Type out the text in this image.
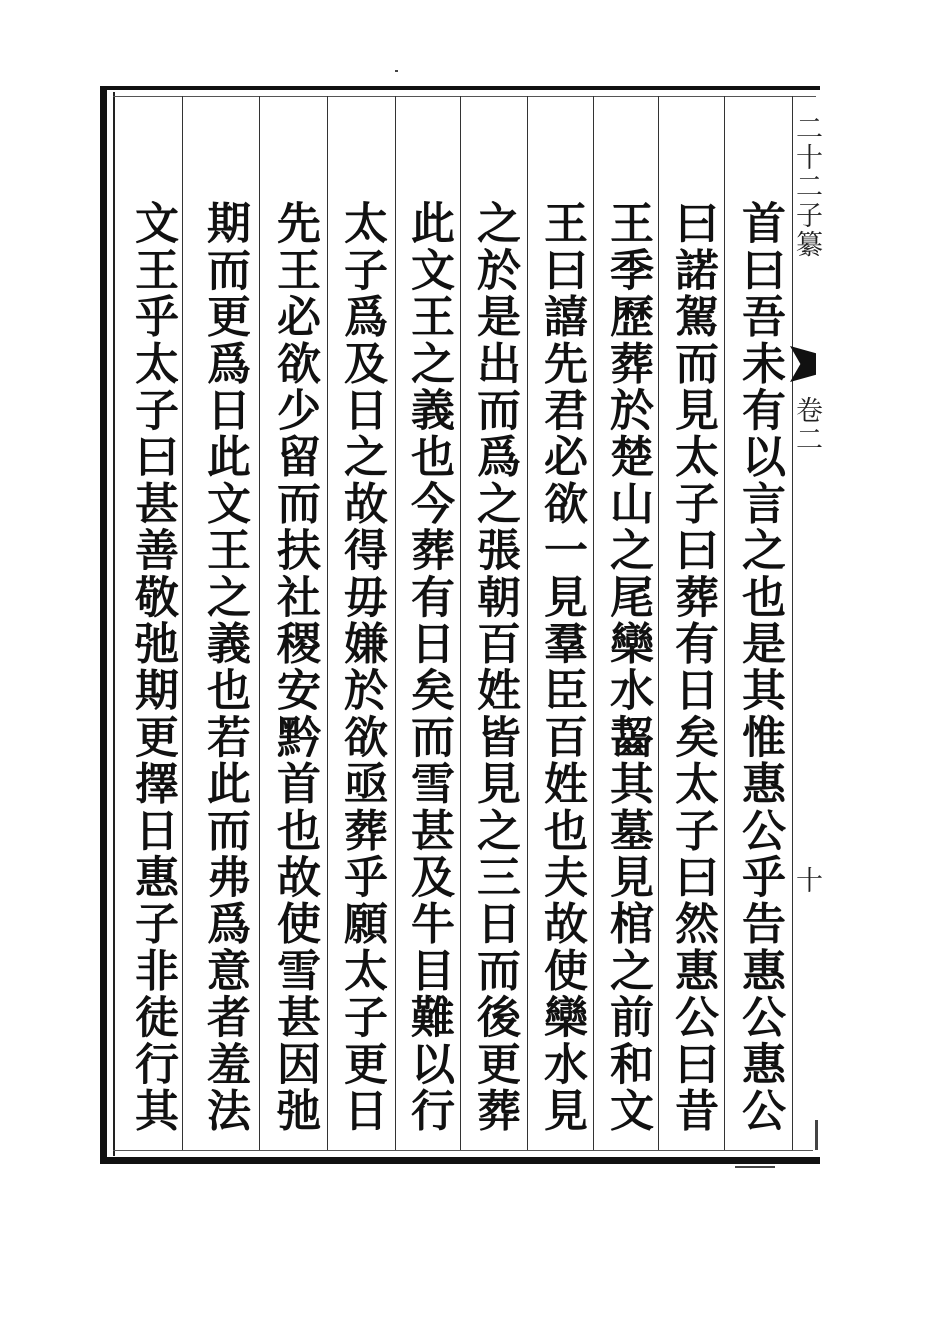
首曰吾未有以言之也是其惟惠公乎告惠公惠公
曰諾駕而見太子曰葬有日矣太子曰然惠公曰昔
王季歷葬於楚山之尾欒水齧其墓見棺之前和文
王曰譆先君必欲一見羣臣百姓也夫故使欒水見
之於是出而爲之張朝百姓皆見之三日而後更葬
此文王之義也今葬有日矣而雪甚及牛目難以行
太子爲及日之故得毋嫌於欲亟葬乎願太子更日
先王必欲少留而扶社稷安黔首也故使雪甚因弛
期而更爲日此文王之義也若此而弗爲意者羞法
文王乎太子曰甚善敬弛期更擇日惠子非徒行其
二十二子纂
卷二
十
